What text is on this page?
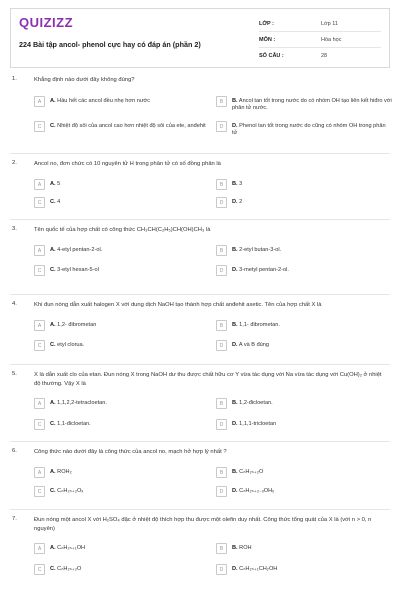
QUIZIZZ
224 Bài tập ancol- phenol cực hay có đáp án (phần 2)
LỚP :	Lớp 11
MÔN :	Hóa học
SỐ CÂU :	28
1.	Khẳng định nào dưới đây không đúng?
A	A. Hầu hết các ancol đều nhẹ hơn nước	B	B. Ancol tan tốt trong nước do có nhóm OH tạo liên kết hiđro với phân tử nước.
C	C. Nhiệt độ sôi của ancol cao hơn nhiệt độ sôi của ete, anđehit	D	D. Phenol tan tốt trong nước do cũng có nhóm OH trong phân tử
2.	Ancol no, đơn chức có 10 nguyên tử H trong phân tử có số đồng phân là
A	A. 5	B	B. 3
C	C. 4	D	D. 2
3.	Tên quốc tế của hợp chất có công thức CH₃CH(C₂H₅)CH(OH)CH₃ là
A	A. 4-etyl pentan-2-ol.	B	B. 2-etyl butan-3-ol.
C	C. 3-etyl hexan-5-ol	D	D. 3-metyl pentan-2-ol.
4.	Khi đun nóng dẫn xuất halogen X với dung dịch NaOH tạo thành hợp chất anđehit axetic. Tên của hợp chất X là
A	A. 1,2- đibrometan	B	B. 1,1- đibrometan.
C	C. etyl clorua.	D	D. A và B đúng
5.	X là dẫn xuất clo của etan. Đun nóng X trong NaOH dư thu được chất hữu cơ Y vừa tác dụng với Na vừa tác dụng với Cu(OH)₂ ở nhiệt độ thường. Vậy X là
A	A. 1,1,2,2-tetracloetan.	B	B. 1,2-đicloetan.
C	C. 1,1-đicloetan.	D	D. 1,1,1-tricloetan
6.	Công thức nào dưới đây là công thức của ancol no, mạch hở hợp lý nhất ?
A	A. ROH₂	B	B. CₙH₂ₙ₊₂O
C	C. CₙH₂ₙ₊₂Oₓ	D	D. CₙH₂ₙ₊₂₋ₓOHₓ
7.	Đun nóng một ancol X với H₂SO₄ đặc ở nhiệt độ thích hợp thu được một olefin duy nhất. Công thức tổng quát của X là (với n > 0, n nguyên)
A	A. CₙH₂ₙ₊₁OH	B	B. ROH
C	C. CₙH₂ₙ₊₂O	D	D. CₙH₂ₙ₊₁CH₂OH
